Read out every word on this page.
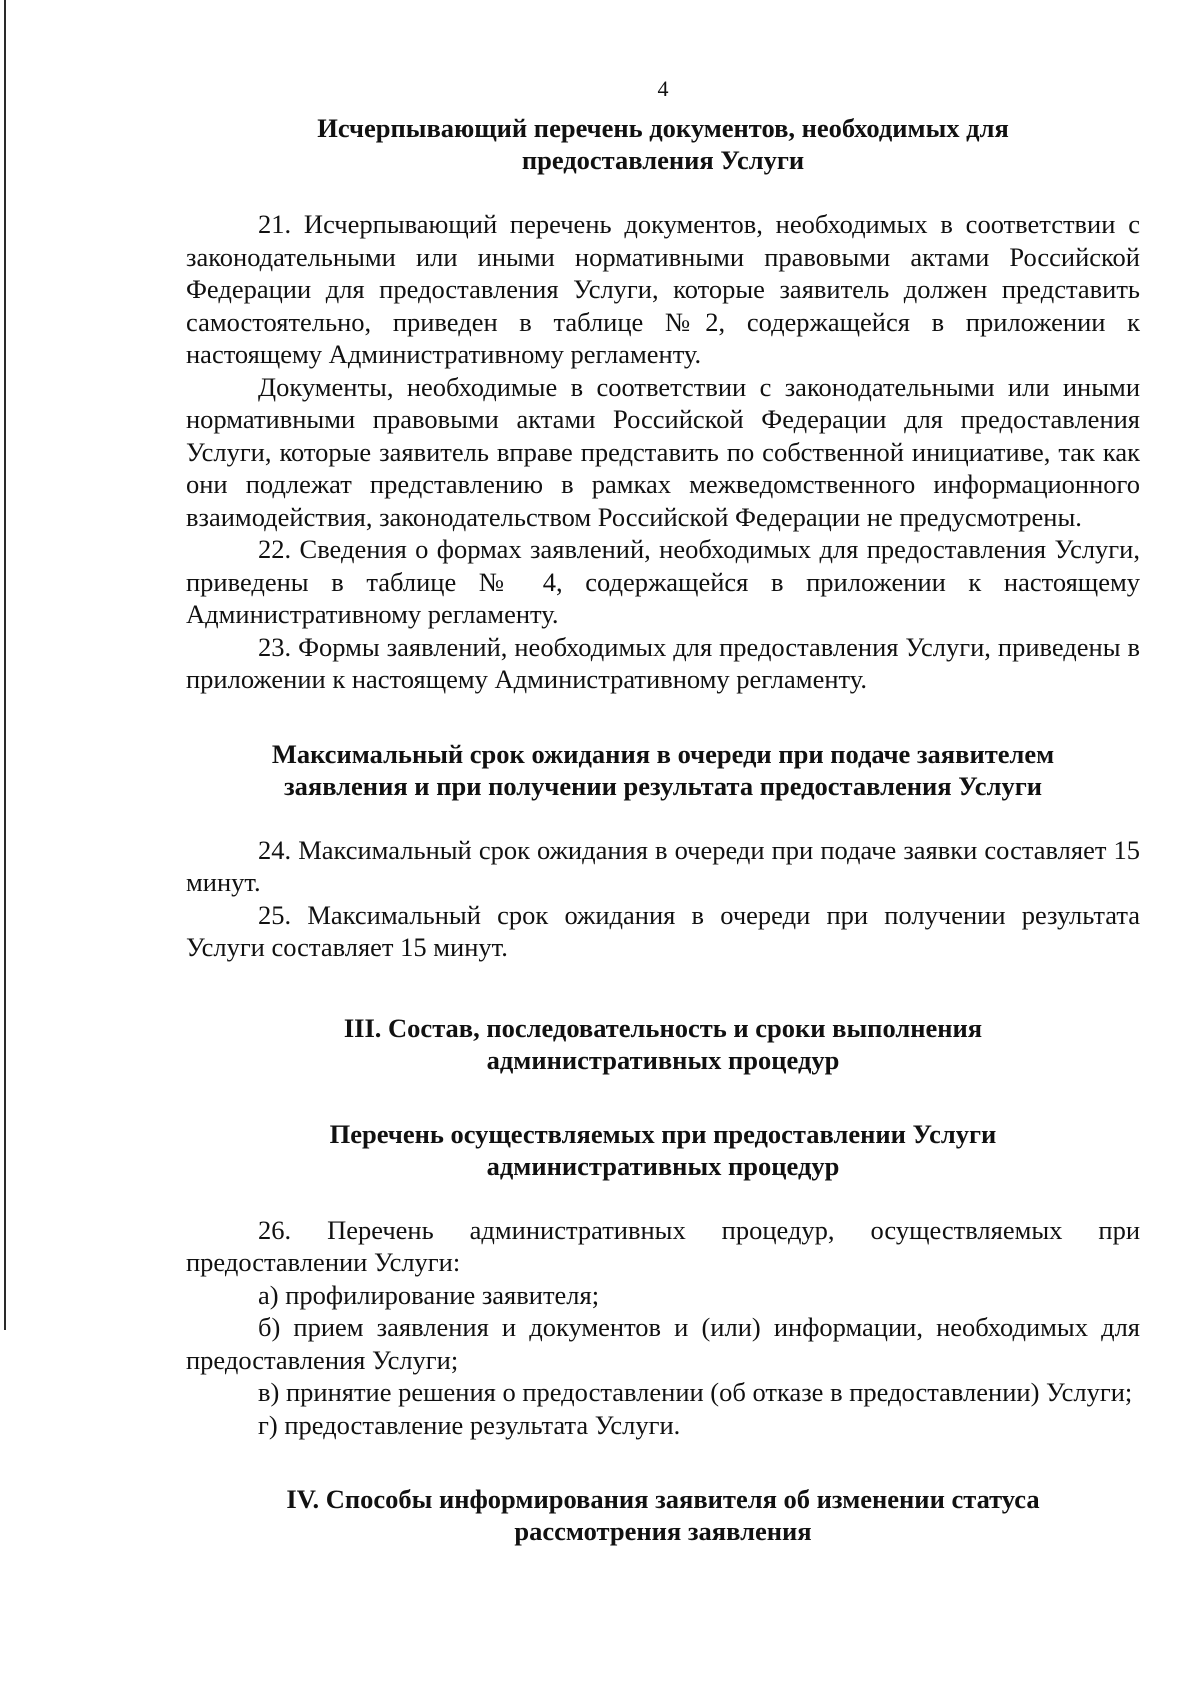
4
Исчерпывающий перечень документов, необходимых для
предоставления Услуги

21. Исчерпывающий перечень документов, необходимых в соответствии с законодательными или иными нормативными правовыми актами Российской Федерации для предоставления Услуги, которые заявитель должен представить самостоятельно, приведен в таблице №2, содержащейся в приложении к настоящему Административному регламенту.

Документы, необходимые в соответствии с законодательными или иными нормативными правовыми актами Российской Федерации для предоставления Услуги, которые заявитель вправе представить по собственной инициативе, так как они подлежат представлению в рамках межведомственного информационного взаимодействия, законодательством Российской Федерации не предусмотрены.

22. Сведения о формах заявлений, необходимых для предоставления Услуги, приведены в таблице № 4, содержащейся в приложении к настоящему Административному регламенту.

23. Формы заявлений, необходимых для предоставления Услуги, приведены в приложении к настоящему Административному регламенту.

Максимальный срок ожидания в очереди при подаче заявителем
заявления и при получении результата предоставления Услуги

24. Максимальный срок ожидания в очереди при подаче заявки составляет 15 минут.

25. Максимальный срок ожидания в очереди при получении результата Услуги составляет 15 минут.

III. Состав, последовательность и сроки выполнения
административных процедур
Перечень осуществляемых при предоставлении Услуги
административных процедур

26. Перечень административных процедур, осуществляемых при предоставлении Услуги:

а) профилирование заявителя;

б) прием заявления и документов и (или) информации, необходимых для предоставления Услуги;

в) принятие решения о предоставлении (об отказе в предоставлении) Услуги;

г) предоставление результата Услуги.

IV. Способы информирования заявителя об изменении статуса
рассмотрения заявления
